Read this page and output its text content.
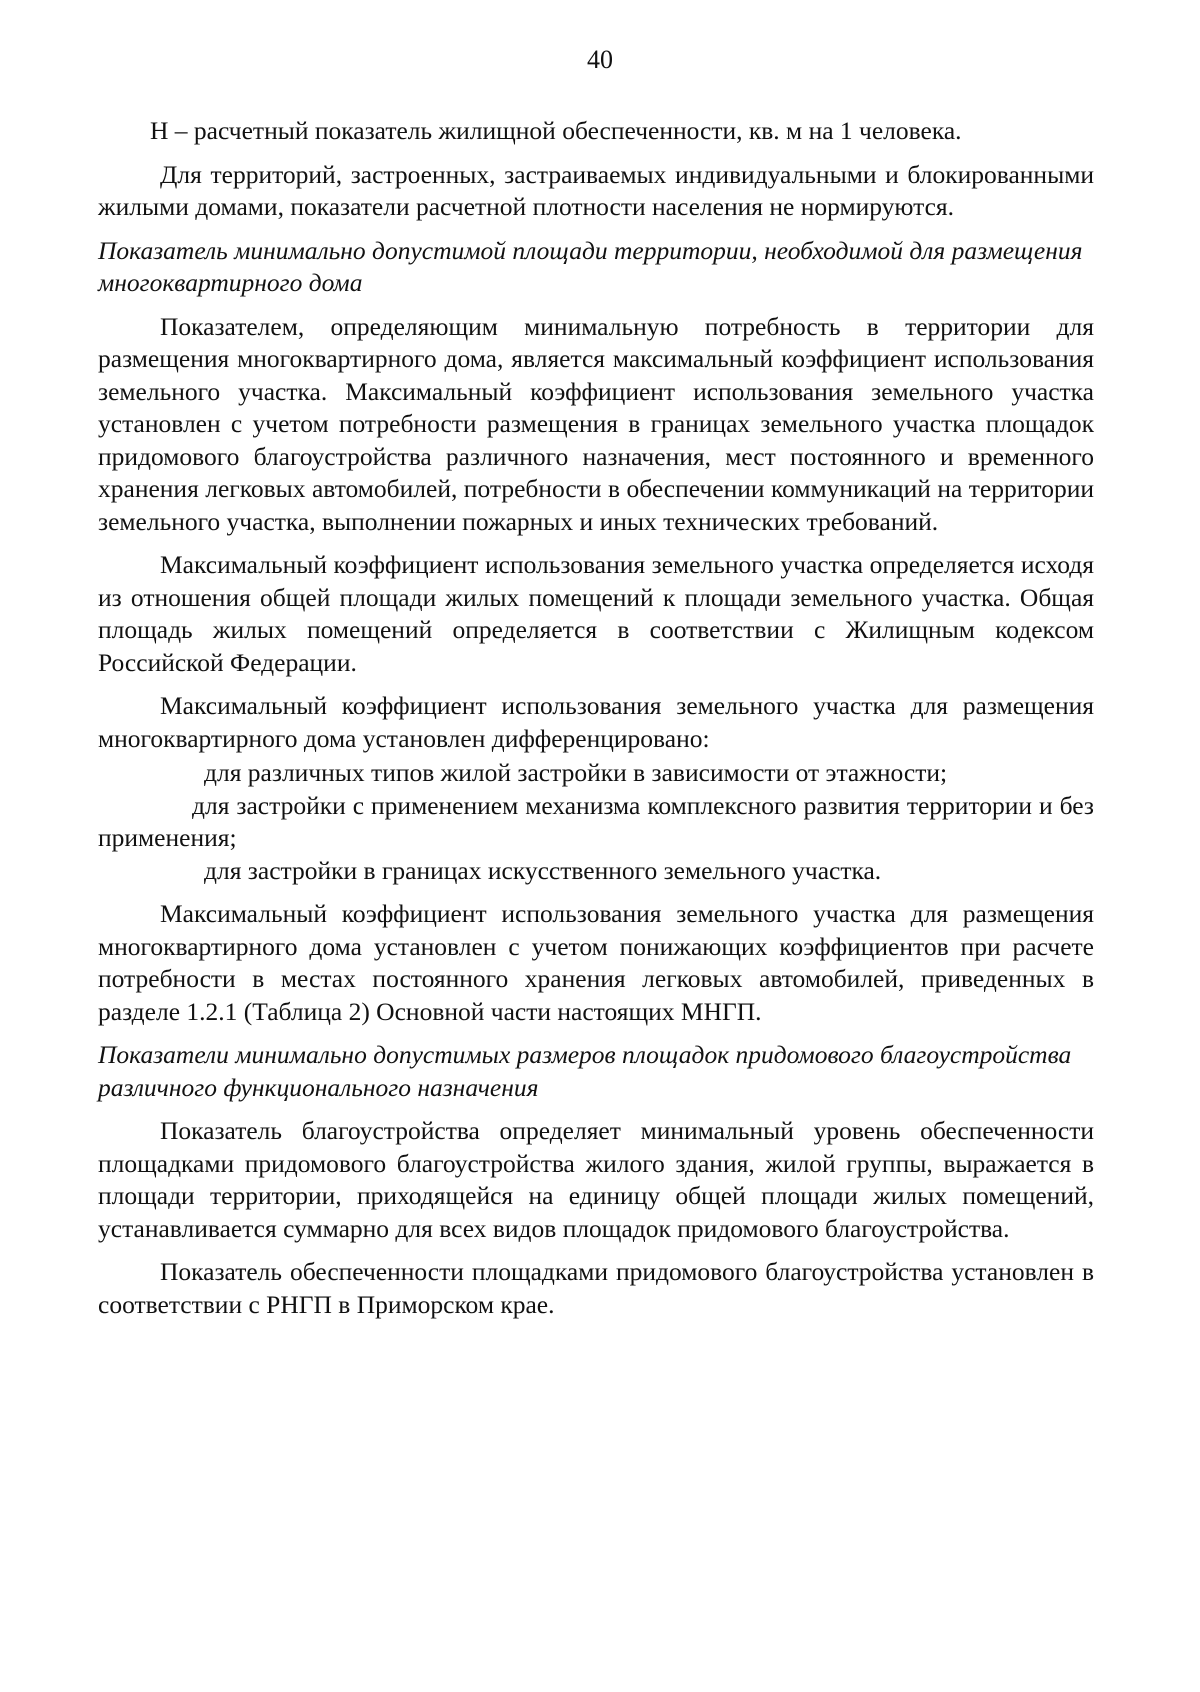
40

Н – расчетный показатель жилищной обеспеченности, кв. м на 1 человека.

Для территорий, застроенных, застраиваемых индивидуальными и блокированными жилыми домами, показатели расчетной плотности населения не нормируются.

Показатель минимально допустимой площади территории, необходимой для размещения многоквартирного дома

Показателем, определяющим минимальную потребность в территории для размещения многоквартирного дома, является максимальный коэффициент использования земельного участка. Максимальный коэффициент использования земельного участка установлен с учетом потребности размещения в границах земельного участка площадок придомового благоустройства различного назначения, мест постоянного и временного хранения легковых автомобилей, потребности в обеспечении коммуникаций на территории земельного участка, выполнении пожарных и иных технических требований.

Максимальный коэффициент использования земельного участка определяется исходя из отношения общей площади жилых помещений к площади земельного участка. Общая площадь жилых помещений определяется в соответствии с Жилищным кодексом Российской Федерации.

Максимальный коэффициент использования земельного участка для размещения многоквартирного дома установлен дифференцировано:

для различных типов жилой застройки в зависимости от этажности;

для застройки с применением механизма комплексного развития территории и без применения;

для застройки в границах искусственного земельного участка.

Максимальный коэффициент использования земельного участка для размещения многоквартирного дома установлен с учетом понижающих коэффициентов при расчете потребности в местах постоянного хранения легковых автомобилей, приведенных в разделе 1.2.1 (Таблица 2) Основной части настоящих МНГП.

Показатели минимально допустимых размеров площадок придомового благоустройства различного функционального назначения

Показатель благоустройства определяет минимальный уровень обеспеченности площадками придомового благоустройства жилого здания, жилой группы, выражается в площади территории, приходящейся на единицу общей площади жилых помещений, устанавливается суммарно для всех видов площадок придомового благоустройства.

Показатель обеспеченности площадками придомового благоустройства установлен в соответствии с РНГП в Приморском крае.
